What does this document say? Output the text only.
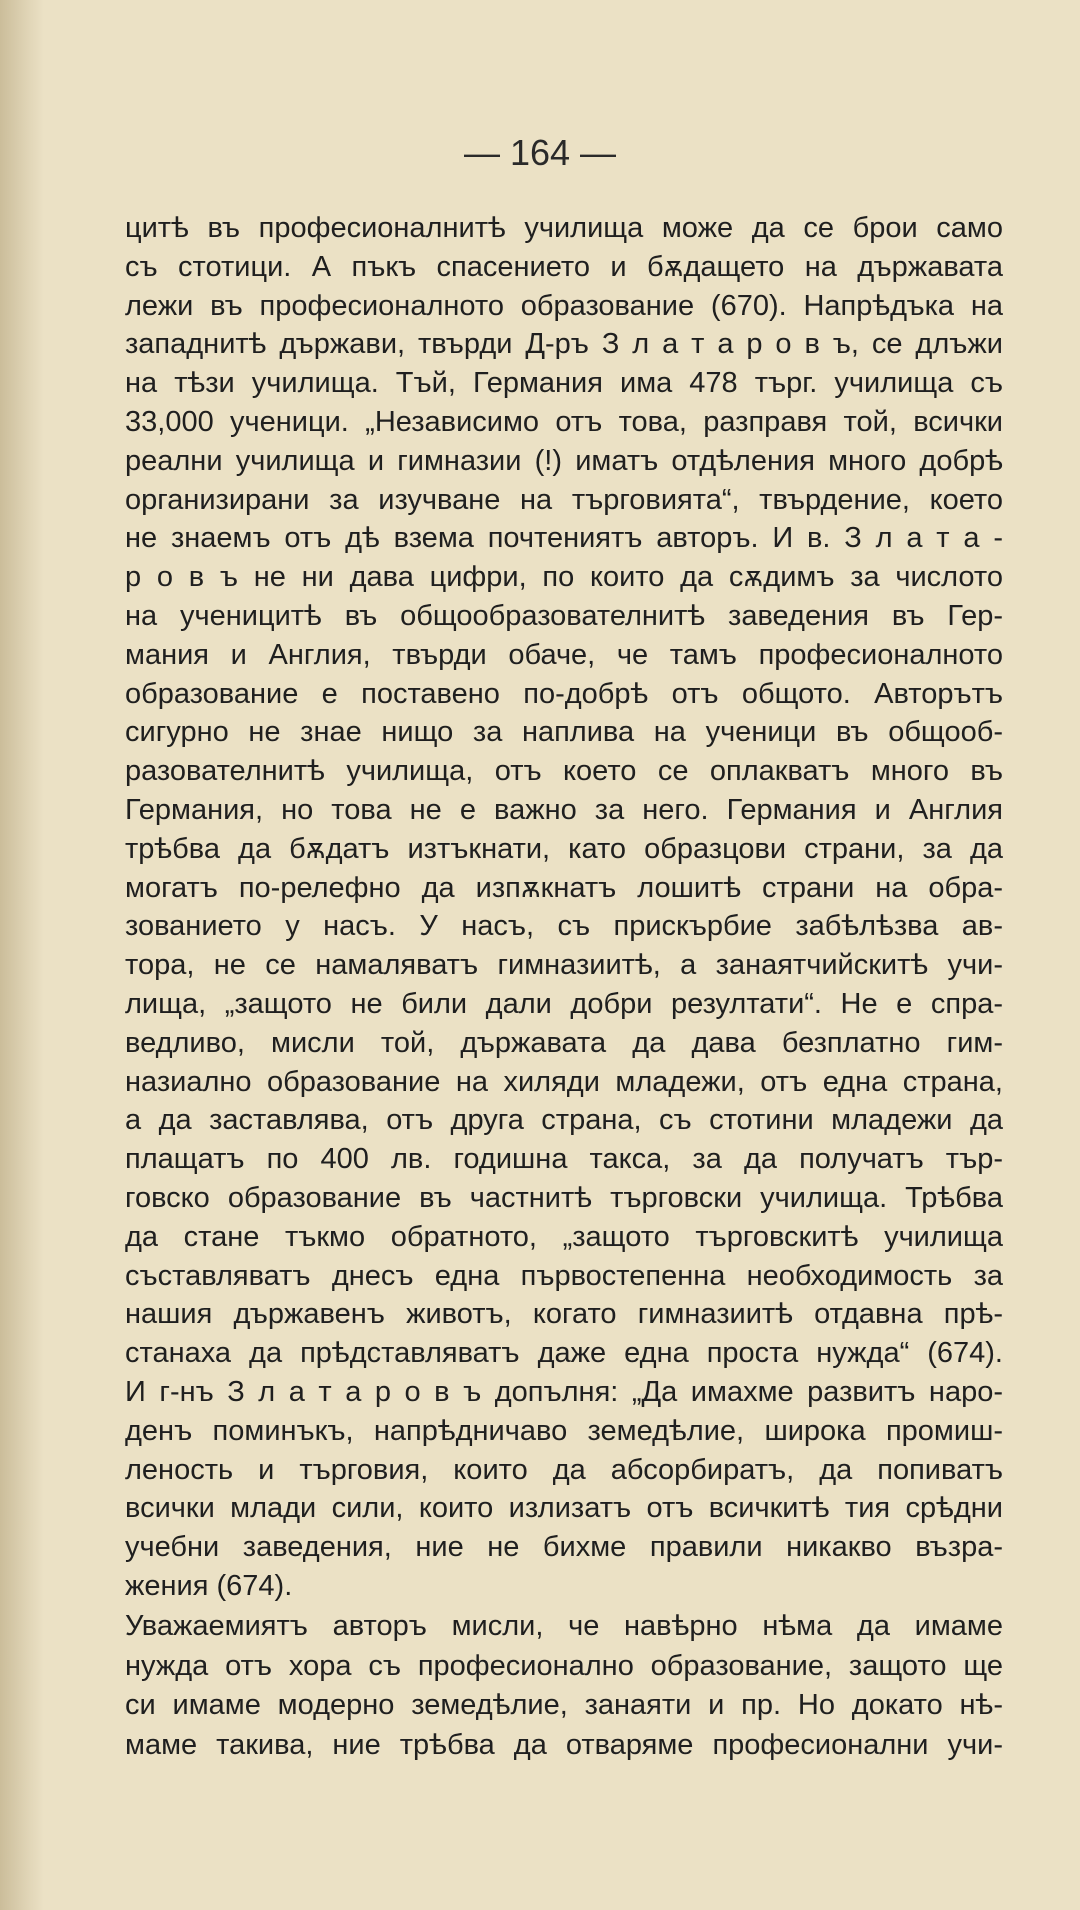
— 164 —
цитѣ въ професионалнитѣ училища може да се брои само
съ стотици. А пъкъ спасението и бѫдащето на държавата
лежи въ професионалното образование (670). Напрѣдъка на
западнитѣ държави, твърди Д-ръ З л а т а р о в ъ, се длъжи
на тѣзи училища. Тъй, Германия има 478 търг. училища съ
33,000 ученици. „Независимо отъ това, разправя той, всички
реални училища и гимназии (!) иматъ отдѣления много добрѣ
организирани за изучване на търговията“, твърдение, което
не знаемъ отъ дѣ взема почтениятъ авторъ. И в. З л а т а -
р о в ъ не ни дава цифри, по които да сѫдимъ за числото
на ученицитѣ въ общообразователнитѣ заведения въ Гер-
мания и Англия, твърди обаче, че тамъ професионалното
образование е поставено по-добрѣ отъ общото. Авторътъ
сигурно не знае нищо за наплива на ученици въ общооб-
разователнитѣ училища, отъ което се оплакватъ много въ
Германия, но това не е важно за него. Германия и Англия
трѣбва да бѫдатъ изтъкнати, като образцови страни, за да
могатъ по-релефно да изпѫкнатъ лошитѣ страни на обра-
зованието у насъ. У насъ, съ прискърбие забѣлѣзва ав-
тора, не се намаляватъ гимназиитѣ, а занаятчийскитѣ учи-
лища, „защото не били дали добри резултати“. Не е спра-
ведливо, мисли той, държавата да дава безплатно гим-
назиално образование на хиляди младежи, отъ една страна,
а да заставлява, отъ друга страна, съ стотини младежи да
плащатъ по 400 лв. годишна такса, за да получатъ тър-
говско образование въ частнитѣ търговски училища. Трѣбва
да стане тъкмо обратното, „защото търговскитѣ училища
съставляватъ днесъ една първостепенна необходимость за
нашия държавенъ животъ, когато гимназиитѣ отдавна прѣ-
станаха да прѣдставляватъ даже една проста нужда“ (674).
И г-нъ З л а т а р о в ъ допълня: „Да имахме развитъ наро-
денъ поминъкъ, напрѣдничаво земедѣлие, широка промиш-
леность и търговия, които да абсорбиратъ, да попиватъ
всички млади сили, които излизатъ отъ всичкитѣ тия срѣдни
учебни заведения, ние не бихме правили никакво възра-
жения (674).
Уважаемиятъ авторъ мисли, че навѣрно нѣма да имаме
нужда отъ хора съ професионално образование, защото ще
си имаме модерно земедѣлие, занаяти и пр. Но докато нѣ-
маме такива, ние трѣбва да отваряме професионални учи-
